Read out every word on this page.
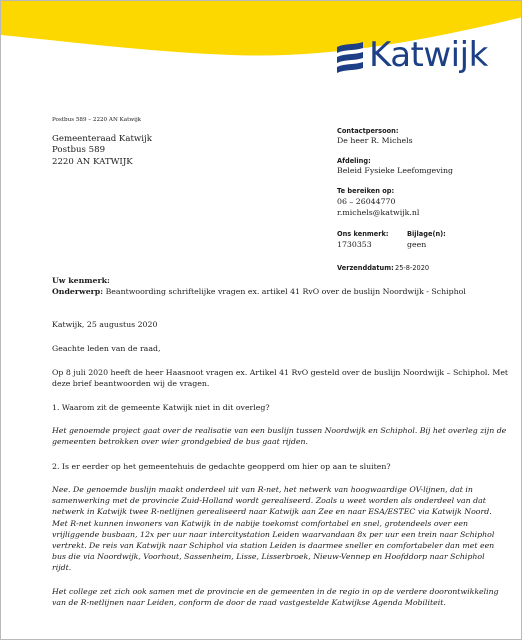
Katwijk
Postbus 589 – 2220 AN Katwijk
Gemeenteraad Katwijk
Postbus 589
2220 AN KATWIJK
Contactpersoon:
De heer R. Michels
Afdeling:
Beleid Fysieke Leefomgeving
Te bereiken op:
06 – 26044770
r.michels@katwijk.nl
Ons kenmerk:
1730353
Bijlage(n):
geen
Verzenddatum: 25-8-2020
Uw kenmerk:
Onderwerp: Beantwoording schriftelijke vragen ex. artikel 41 RvO over de buslijn Noordwijk - Schiphol
Katwijk, 25 augustus 2020
Geachte leden van de raad,
Op 8 juli 2020 heeft de heer Haasnoot vragen ex. Artikel 41 RvO gesteld over de buslijn Noordwijk – Schiphol. Met
deze brief beantwoorden wij de vragen.
1. Waarom zit de gemeente Katwijk niet in dit overleg?
Het genoemde project gaat over de realisatie van een buslijn tussen Noordwijk en Schiphol. Bij het overleg zijn de
gemeenten betrokken over wier grondgebied de bus gaat rijden.
2. Is er eerder op het gemeentehuis de gedachte geopperd om hier op aan te sluiten?
Nee. De genoemde buslijn maakt onderdeel uit van R-net, het netwerk van hoogwaardige OV-lijnen, dat in
samenwerking met de provincie Zuid-Holland wordt gerealiseerd. Zoals u weet worden als onderdeel van dat
netwerk in Katwijk twee R-netlijnen gerealiseerd naar Katwijk aan Zee en naar ESA/ESTEC via Katwijk Noord.
Met R-net kunnen inwoners van Katwijk in de nabije toekomst comfortabel en snel, grotendeels over een
vrijliggende busbaan, 12x per uur naar intercitystation Leiden waarvandaan 8x per uur een trein naar Schiphol
vertrekt. De reis van Katwijk naar Schiphol via station Leiden is daarmee sneller en comfortabeler dan met een
bus die via Noordwijk, Voorhout, Sassenheim, Lisse, Lisserbroek, Nieuw-Vennep en Hoofddorp naar Schiphol
rijdt.
Het college zet zich ook samen met de provincie en de gemeenten in de regio in op de verdere doorontwikkeling
van de R-netlijnen naar Leiden, conform de door de raad vastgestelde Katwijkse Agenda Mobiliteit.
